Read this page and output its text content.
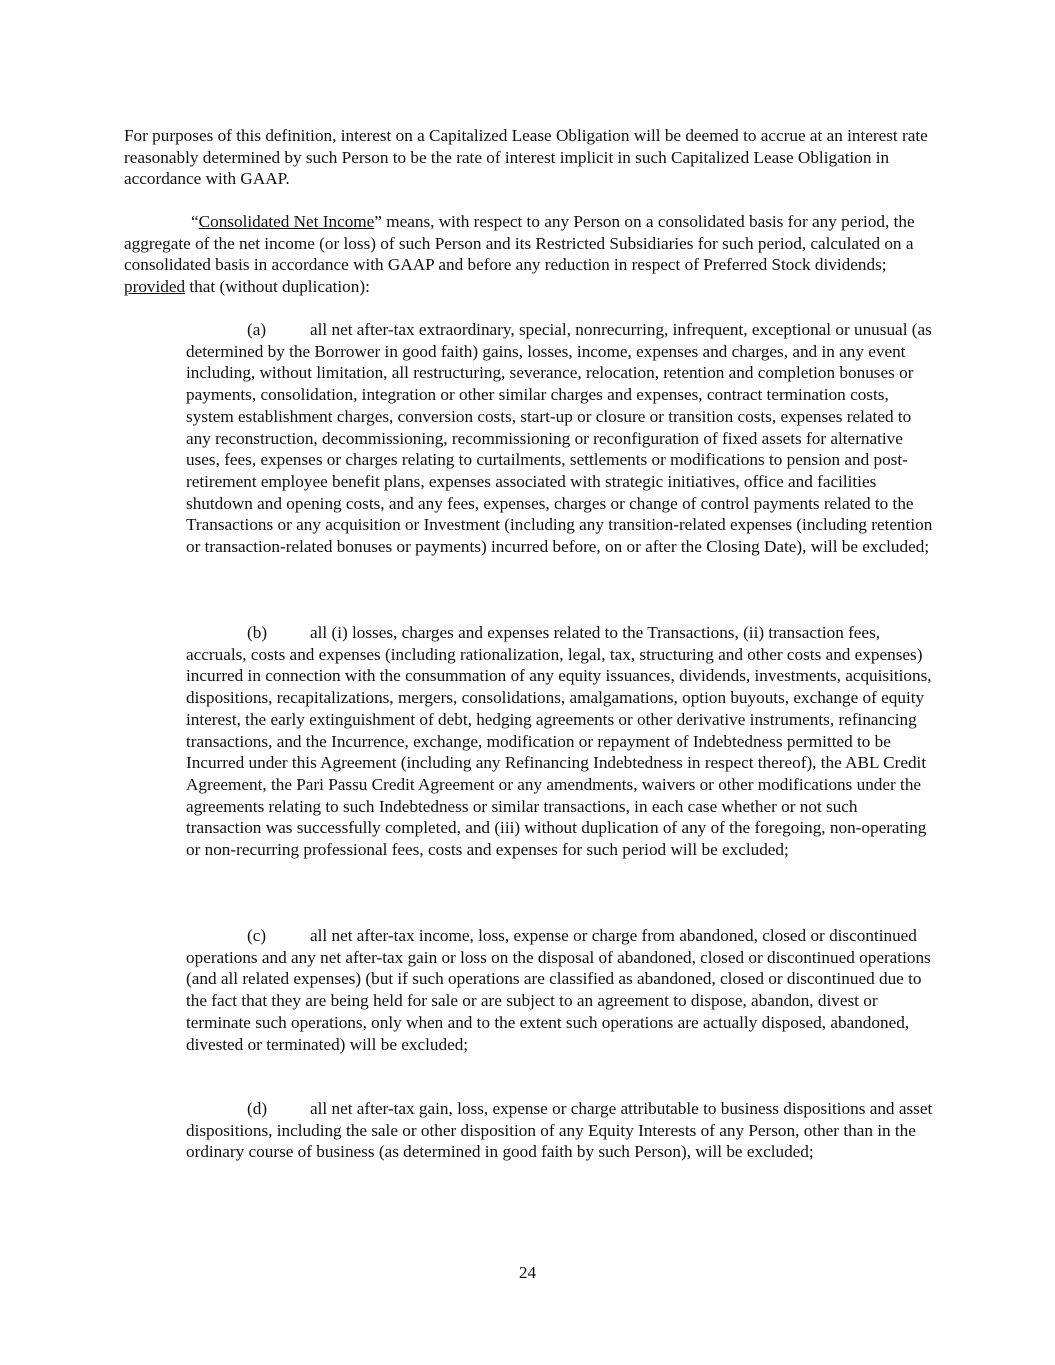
For purposes of this definition, interest on a Capitalized Lease Obligation will be deemed to accrue at an interest rate reasonably determined by such Person to be the rate of interest implicit in such Capitalized Lease Obligation in accordance with GAAP.

“Consolidated Net Income” means, with respect to any Person on a consolidated basis for any period, the aggregate of the net income (or loss) of such Person and its Restricted Subsidiaries for such period, calculated on a consolidated basis in accordance with GAAP and before any reduction in respect of Preferred Stock dividends; provided that (without duplication):

(a)	all net after-tax extraordinary, special, nonrecurring, infrequent, exceptional or unusual (as determined by the Borrower in good faith) gains, losses, income, expenses and charges, and in any event including, without limitation, all restructuring, severance, relocation, retention and completion bonuses or payments, consolidation, integration or other similar charges and expenses, contract termination costs, system establishment charges, conversion costs, start-up or closure or transition costs, expenses related to any reconstruction, decommissioning, recommissioning or reconfiguration of fixed assets for alternative uses, fees, expenses or charges relating to curtailments, settlements or modifications to pension and post-retirement employee benefit plans, expenses associated with strategic initiatives, office and facilities shutdown and opening costs, and any fees, expenses, charges or change of control payments related to the Transactions or any acquisition or Investment (including any transition-related expenses (including retention or transaction-related bonuses or payments) incurred before, on or after the Closing Date), will be excluded;

(b) all (i) losses, charges and expenses related to the Transactions, (ii) transaction fees, accruals, costs and expenses (including rationalization, legal, tax, structuring and other costs and expenses) incurred in connection with the consummation of any equity issuances, dividends, investments, acquisitions, dispositions, recapitalizations, mergers, consolidations, amalgamations, option buyouts, exchange of equity interest, the early extinguishment of debt, hedging agreements or other derivative instruments, refinancing transactions, and the Incurrence, exchange, modification or repayment of Indebtedness permitted to be Incurred under this Agreement (including any Refinancing Indebtedness in respect thereof), the ABL Credit Agreement, the Pari Passu Credit Agreement or any amendments, waivers or other modifications under the agreements relating to such Indebtedness or similar transactions, in each case whether or not such transaction was successfully completed, and (iii) without duplication of any of the foregoing, non-operating or non-recurring professional fees, costs and expenses for such period will be excluded;

(c)	all net after-tax income, loss, expense or charge from abandoned, closed or discontinued operations and any net after-tax gain or loss on the disposal of abandoned, closed or discontinued operations (and all related expenses) (but if such operations are classified as abandoned, closed or discontinued due to the fact that they are being held for sale or are subject to an agreement to dispose, abandon, divest or terminate such operations, only when and to the extent such operations are actually disposed, abandoned, divested or terminated) will be excluded;

(d) all net after-tax gain, loss, expense or charge attributable to business dispositions and asset dispositions, including the sale or other disposition of any Equity Interests of any Person, other than in the ordinary course of business (as determined in good faith by such Person), will be excluded;

24
